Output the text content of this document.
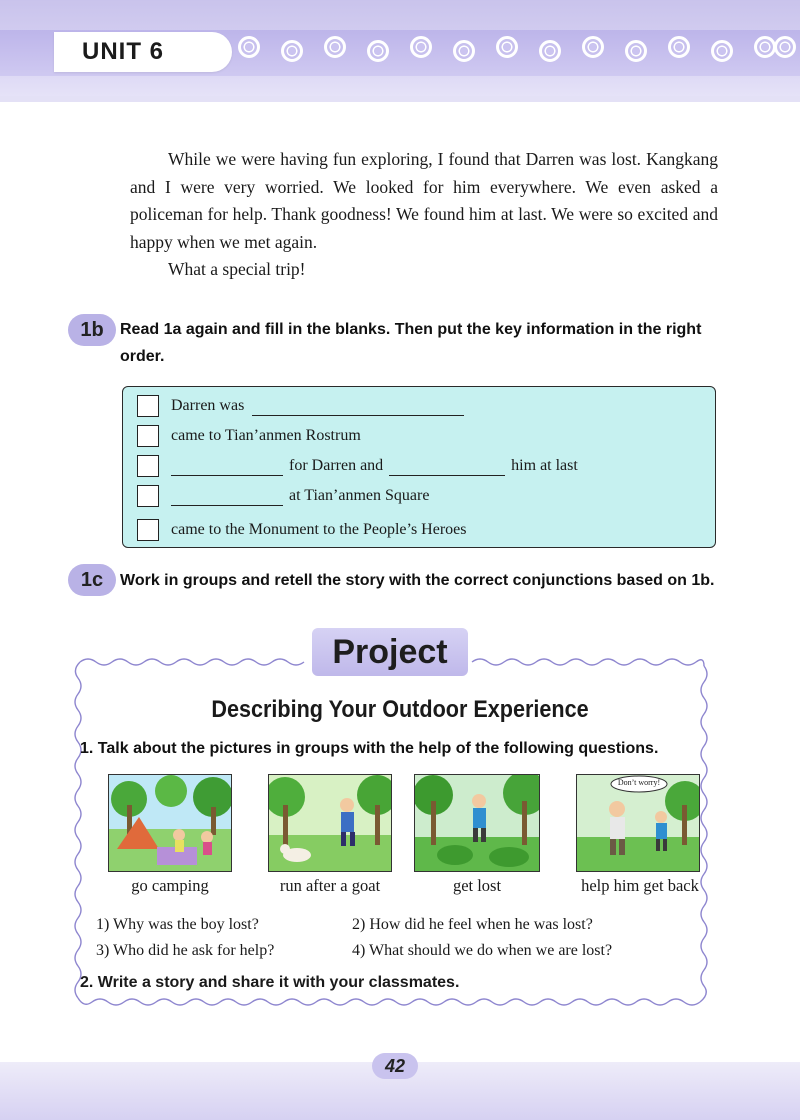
UNIT 6

While we were having fun exploring, I found that Darren was lost. Kangkang and I were very worried. We looked for him everywhere. We even asked a policeman for help. Thank goodness! We found him at last. We were so excited and happy when we met again.

What a special trip!

1b	Read 1a again and fill in the blanks. Then put the key information in the right order.
Darren was
came to Tian’anmen Rostrum
for Darren and	him at last
at Tian’anmen Square
came to the Monument to the People’s Heroes
1c	Work in groups and retell the story with the correct conjunctions based on 1b.
Project
Describing Your Outdoor Experience
1. Talk about the pictures in groups with the help of the following questions.
Don’t worry!
go camping	run after a goat	get lost	help him get back
1) Why was the boy lost?	2) How did he feel when he was lost?
3) Who did he ask for help?	4) What should we do when we are lost?
2. Write a story and share it with your classmates.
42
